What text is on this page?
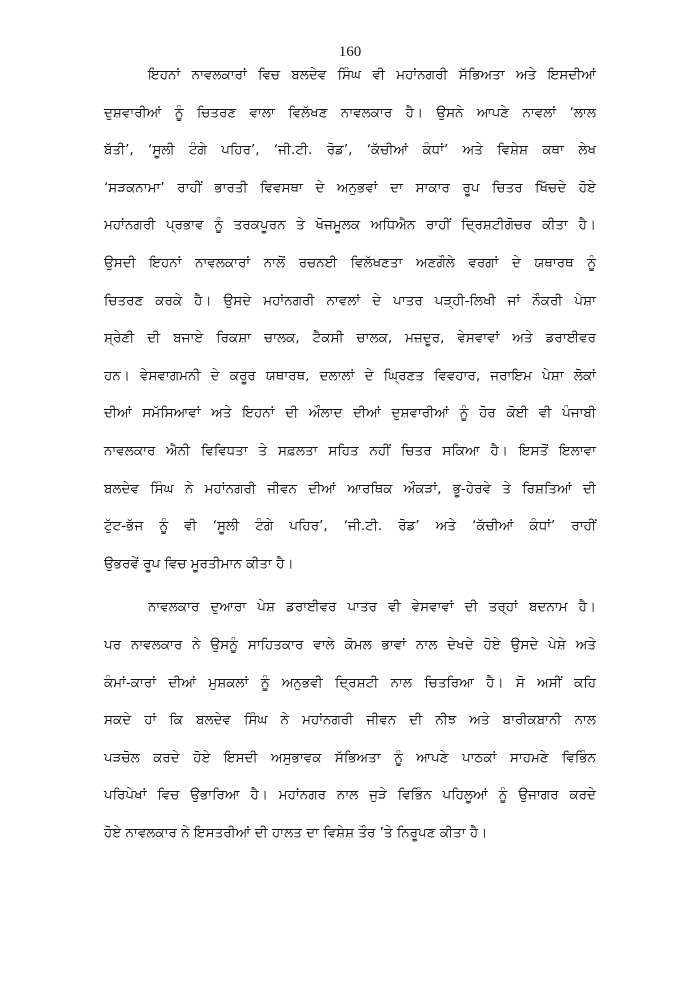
160
ਇਹਨਾਂ ਨਾਵਲਕਾਰਾਂ ਵਿਚ ਬਲਦੇਵ ਸਿੰਘ ਵੀ ਮਹਾਂਨਗਰੀ ਸੱਭਿਅਤਾ ਅਤੇ ਇਸਦੀਆਂ
ਦੁਸ਼ਵਾਰੀਆਂ ਨੂੰ ਚਿਤਰਣ ਵਾਲਾ ਵਿਲੱਖਣ ਨਾਵਲਕਾਰ ਹੈ। ਉਸਨੇ ਆਪਣੇ ਨਾਵਲਾਂ ‘ਲਾਲ
ਬੱਤੀ’, ‘ਸੂਲੀ ਟੰਗੇ ਪਹਿਰ’, ‘ਜੀ.ਟੀ. ਰੋਡ’, ‘ਕੱਚੀਆਂ ਕੰਧਾਂ’ ਅਤੇ ਵਿਸ਼ੇਸ਼ ਕਥਾ ਲੇਖ
‘ਸੜਕਨਾਮਾ’ ਰਾਹੀਂ ਭਾਰਤੀ ਵਿਵਸਥਾ ਦੇ ਅਨੁਭਵਾਂ ਦਾ ਸਾਕਾਰ ਰੂਪ ਚਿਤਰ ਖਿੱਚਦੇ ਹੋਏ
ਮਹਾਂਨਗਰੀ ਪ੍ਰਭਾਵ ਨੂੰ ਤਰਕਪੂਰਨ ਤੇ ਖੋਜਮੂਲਕ ਅਧਿਐਨ ਰਾਹੀਂ ਦ੍ਰਿਸ਼ਟੀਗੋਚਰ ਕੀਤਾ ਹੈ।
ਉਸਦੀ ਇਹਨਾਂ ਨਾਵਲਕਾਰਾਂ ਨਾਲੋਂ ਰਚਨਈ ਵਿਲੱਖਣਤਾ ਅਣਗੌਲੇ ਵਰਗਾਂ ਦੇ ਯਥਾਰਥ ਨੂੰ
ਚਿਤਰਣ ਕਰਕੇ ਹੈ। ਉਸਦੇ ਮਹਾਂਨਗਰੀ ਨਾਵਲਾਂ ਦੇ ਪਾਤਰ ਪੜ੍ਹੀ-ਲਿਖੀ ਜਾਂ ਨੌਕਰੀ ਪੇਸ਼ਾ
ਸ਼੍ਰੇਣੀ ਦੀ ਬਜਾਏ ਰਿਕਸ਼ਾ ਚਾਲਕ, ਟੈਕਸੀ ਚਾਲਕ, ਮਜ਼ਦੂਰ, ਵੇਸਵਾਵਾਂ ਅਤੇ ਡਰਾਈਵਰ
ਹਨ। ਵੇਸਵਾਗਮਨੀ ਦੇ ਕਰੂਰ ਯਥਾਰਥ, ਦਲਾਲਾਂ ਦੇ ਘ੍ਰਿਣਤ ਵਿਵਹਾਰ, ਜਰਾਇਮ ਪੇਸ਼ਾ ਲੋਕਾਂ
ਦੀਆਂ ਸਮੱਸਿਆਵਾਂ ਅਤੇ ਇਹਨਾਂ ਦੀ ਔਲਾਦ ਦੀਆਂ ਦੁਸ਼ਵਾਰੀਆਂ ਨੂੰ ਹੋਰ ਕੋਈ ਵੀ ਪੰਜਾਬੀ
ਨਾਵਲਕਾਰ ਐਨੀ ਵਿਵਿਧਤਾ ਤੇ ਸਫ਼ਲਤਾ ਸਹਿਤ ਨਹੀਂ ਚਿਤਰ ਸਕਿਆ ਹੈ। ਇਸਤੋਂ ਇਲਾਵਾ
ਬਲਦੇਵ ਸਿੰਘ ਨੇ ਮਹਾਂਨਗਰੀ ਜੀਵਨ ਦੀਆਂ ਆਰਥਿਕ ਔਕੜਾਂ, ਭੂ-ਹੇਰਵੇ ਤੇ ਰਿਸ਼ਤਿਆਂ ਦੀ
ਟੁੱਟ-ਭੱਜ ਨੂੰ ਵੀ ‘ਸੂਲੀ ਟੰਗੇ ਪਹਿਰ’, ‘ਜੀ.ਟੀ. ਰੋਡ’ ਅਤੇ ‘ਕੱਚੀਆਂ ਕੰਧਾਂ’ ਰਾਹੀਂ
ਉਭਰਵੇਂ ਰੂਪ ਵਿਚ ਮੂਰਤੀਮਾਨ ਕੀਤਾ ਹੈ।
ਨਾਵਲਕਾਰ ਦੁਆਰਾ ਪੇਸ਼ ਡਰਾਈਵਰ ਪਾਤਰ ਵੀ ਵੇਸਵਾਵਾਂ ਦੀ ਤਰ੍ਹਾਂ ਬਦਨਾਮ ਹੈ।
ਪਰ ਨਾਵਲਕਾਰ ਨੇ ਉਸਨੂੰ ਸਾਹਿਤਕਾਰ ਵਾਲੇ ਕੋਮਲ ਭਾਵਾਂ ਨਾਲ ਦੇਖਦੇ ਹੋਏ ਉਸਦੇ ਪੇਸ਼ੇ ਅਤੇ
ਕੰਮਾਂ-ਕਾਰਾਂ ਦੀਆਂ ਮੁਸ਼ਕਲਾਂ ਨੂੰ ਅਨੁਭਵੀ ਦ੍ਰਿਸ਼ਟੀ ਨਾਲ ਚਿਤਰਿਆ ਹੈ। ਸੋ ਅਸੀਂ ਕਹਿ
ਸਕਦੇ ਹਾਂ ਕਿ ਬਲਦੇਵ ਸਿੰਘ ਨੇ ਮਹਾਂਨਗਰੀ ਜੀਵਨ ਦੀ ਨੀਝ ਅਤੇ ਬਾਰੀਕਬਾਨੀ ਨਾਲ
ਪੜਚੋਲ ਕਰਦੇ ਹੋਏ ਇਸਦੀ ਅਸੁਭਾਵਕ ਸੱਭਿਅਤਾ ਨੂੰ ਆਪਣੇ ਪਾਠਕਾਂ ਸਾਹਮਣੇ ਵਿਭਿੰਨ
ਪਰਿਪੇਖਾਂ ਵਿਚ ਉਭਾਰਿਆ ਹੈ। ਮਹਾਂਨਗਰ ਨਾਲ ਜੁੜੇ ਵਿਭਿੰਨ ਪਹਿਲੂਆਂ ਨੂੰ ਉਜਾਗਰ ਕਰਦੇ
ਹੋਏ ਨਾਵਲਕਾਰ ਨੇ ਇਸਤਰੀਆਂ ਦੀ ਹਾਲਤ ਦਾ ਵਿਸ਼ੇਸ਼ ਤੌਰ ’ਤੇ ਨਿਰੂਪਣ ਕੀਤਾ ਹੈ।
